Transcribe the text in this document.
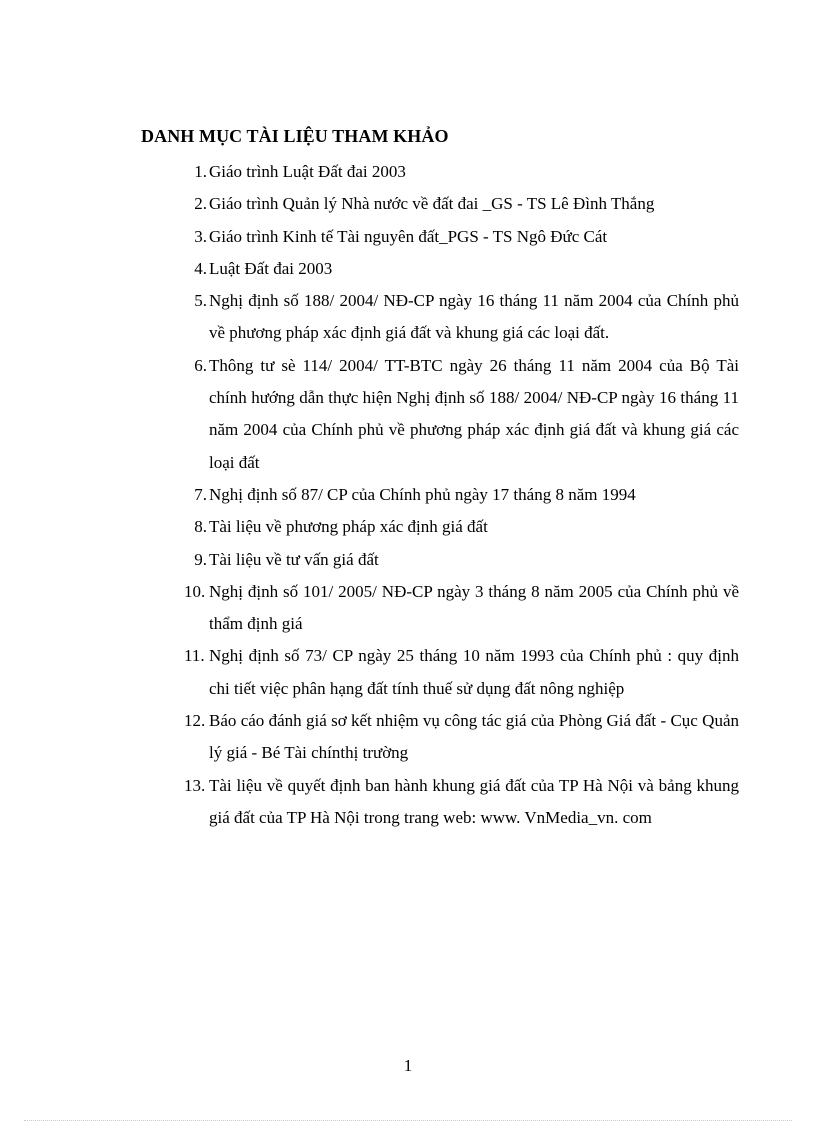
DANH MỤC TÀI LIỆU THAM KHẢO
1. Giáo trình Luật Đất đai 2003
2. Giáo trình Quản lý Nhà nước về đất đai _GS - TS Lê Đình Thắng
3. Giáo trình Kinh tế Tài nguyên đất_PGS - TS Ngô Đức Cát
4. Luật Đất đai 2003
5. Nghị định số 188/ 2004/ NĐ-CP ngày 16 tháng 11 năm 2004 của Chính phủ về phương pháp xác định giá đất và khung giá các loại đất.
6. Thông tư sè 114/ 2004/ TT-BTC ngày 26 tháng 11 năm 2004 của Bộ Tài chính hướng dẫn thực hiện Nghị định số 188/ 2004/ NĐ-CP ngày 16 tháng 11 năm 2004 của Chính phủ về phương pháp xác định giá đất và khung giá các loại đất
7. Nghị định số 87/ CP của Chính phủ ngày 17 tháng 8 năm 1994
8. Tài liệu về phương pháp xác định giá đất
9. Tài liệu về tư vấn giá đất
10. Nghị định số 101/ 2005/ NĐ-CP ngày 3 tháng 8 năm 2005 của Chính phủ về thẩm định giá
11. Nghị định số 73/ CP ngày 25 tháng 10 năm 1993 của Chính phủ : quy định chi tiết việc phân hạng đất tính thuế sử dụng đất nông nghiệp
12. Báo cáo đánh giá sơ kết nhiệm vụ công tác giá của Phòng Giá đất - Cục Quản lý giá - Bé Tài chínthị trường
13. Tài liệu về quyết định ban hành khung giá đất của TP Hà Nội và bảng khung giá đất của TP Hà Nội trong trang web: www. VnMedia_vn. com
1
